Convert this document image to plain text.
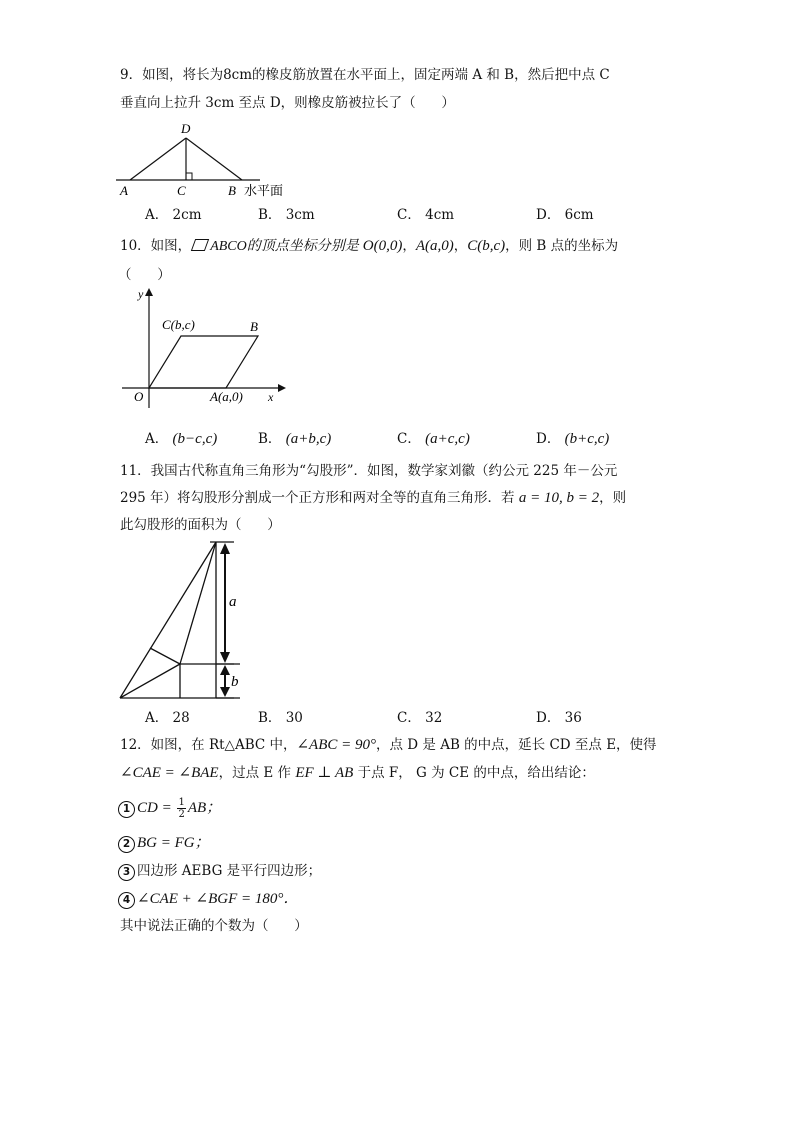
9．如图，将长为8cm的橡皮筋放置在水平面上，固定两端 A 和 B，然后把中点 C
垂直向上拉升 3cm 至点 D，则橡皮筋被拉长了（      ）
D
A	C	B 水平面
A． 2cm	B． 3cm	C． 4cm	D． 6cm
10．如图， ABCO的顶点坐标分别是 O(0,0)，A(a,0)，C(b,c)，则 B 点的坐标为
（      ）
y
x
O	A(a,0)
C(b,c)	B
A． (b−c,c)	B． (a+b,c)	C． (a+c,c)	D． (b+c,c)
11．我国古代称直角三角形为“勾股形”．如图，数学家刘徽（约公元 225 年－公元
295 年）将勾股形分割成一个正方形和两对全等的直角三角形．若 a = 10, b = 2，则
此勾股形的面积为（      ）
a
b
A． 28	B． 30	C． 32	D． 36
12．如图，在 Rt△ABC 中，∠ABC = 90°，点 D 是 AB 的中点，延长 CD 至点 E，使得
∠CAE = ∠BAE，过点 E 作 EF ⊥ AB 于点 F， G 为 CE 的中点，给出结论：
1 CD = $\frac{1}{2}$ AB；
2 BG = FG；
3 四边形 AEBG 是平行四边形；
4 ∠CAE + ∠BGF = 180°．
其中说法正确的个数为（      ）
